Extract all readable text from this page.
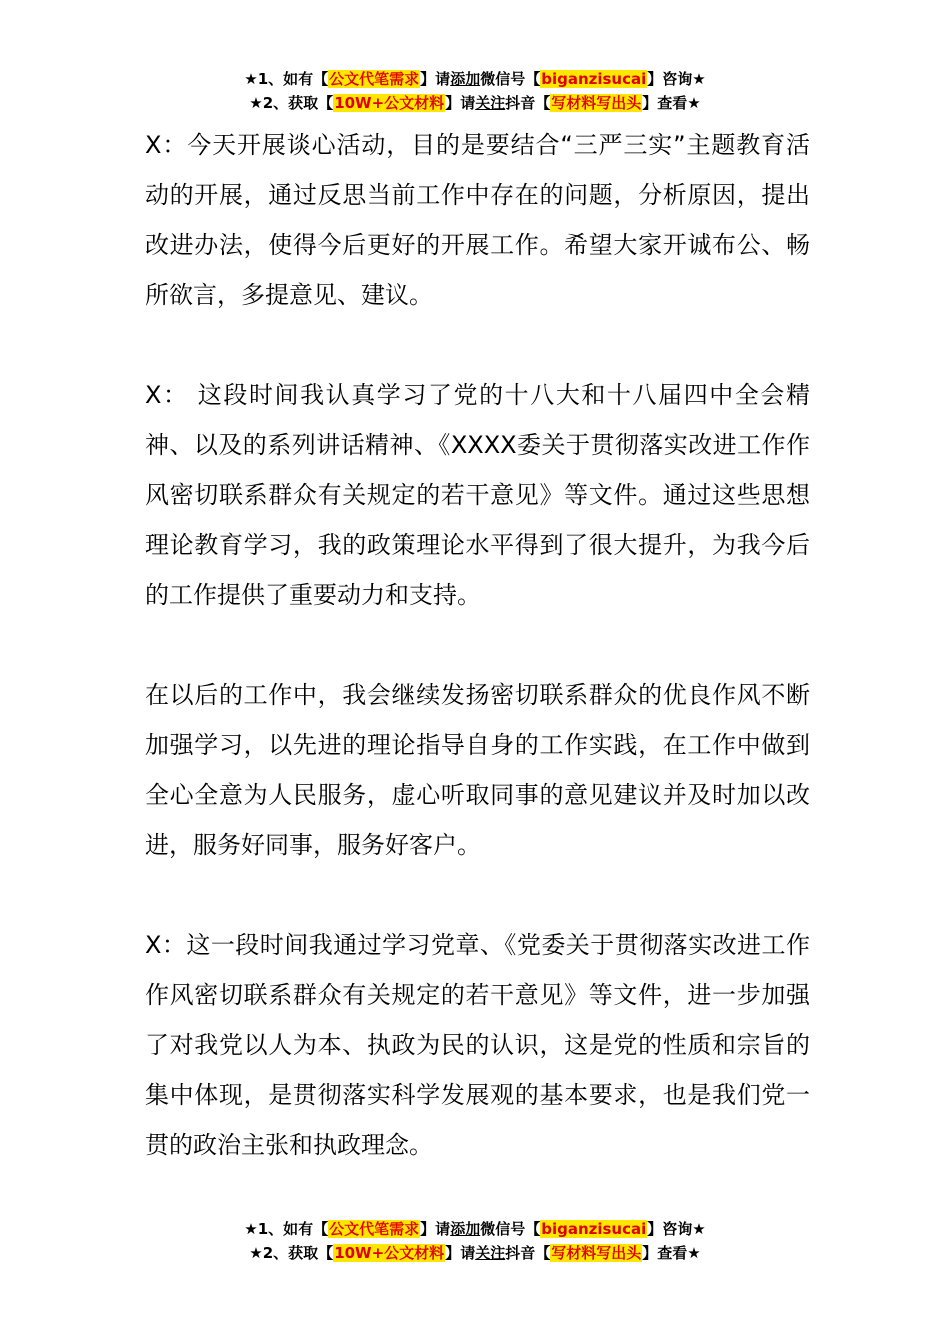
★1、如有【公文代笔需求】请添加微信号【biganzisucai】咨询★
★2、获取【10W+公文材料】请关注抖音【写材料写出头】查看★

X：今天开展谈心活动，目的是要结合“三严三实”主题教育活动的开展，通过反思当前工作中存在的问题，分析原因，提出改进办法，使得今后更好的开展工作。希望大家开诚布公、畅所欲言，多提意见、建议。

X： 这段时间我认真学习了党的十八大和十八届四中全会精神、以及的系列讲话精神、《XXXX委关于贯彻落实改进工作作风密切联系群众有关规定的若干意见》等文件。通过这些思想理论教育学习，我的政策理论水平得到了很大提升，为我今后的工作提供了重要动力和支持。

在以后的工作中，我会继续发扬密切联系群众的优良作风不断加强学习，以先进的理论指导自身的工作实践，在工作中做到全心全意为人民服务，虚心听取同事的意见建议并及时加以改进，服务好同事，服务好客户。

X：这一段时间我通过学习党章、《党委关于贯彻落实改进工作作风密切联系群众有关规定的若干意见》等文件，进一步加强了对我党以人为本、执政为民的认识，这是党的性质和宗旨的集中体现，是贯彻落实科学发展观的基本要求，也是我们党一贯的政治主张和执政理念。

★1、如有【公文代笔需求】请添加微信号【biganzisucai】咨询★
★2、获取【10W+公文材料】请关注抖音【写材料写出头】查看★
